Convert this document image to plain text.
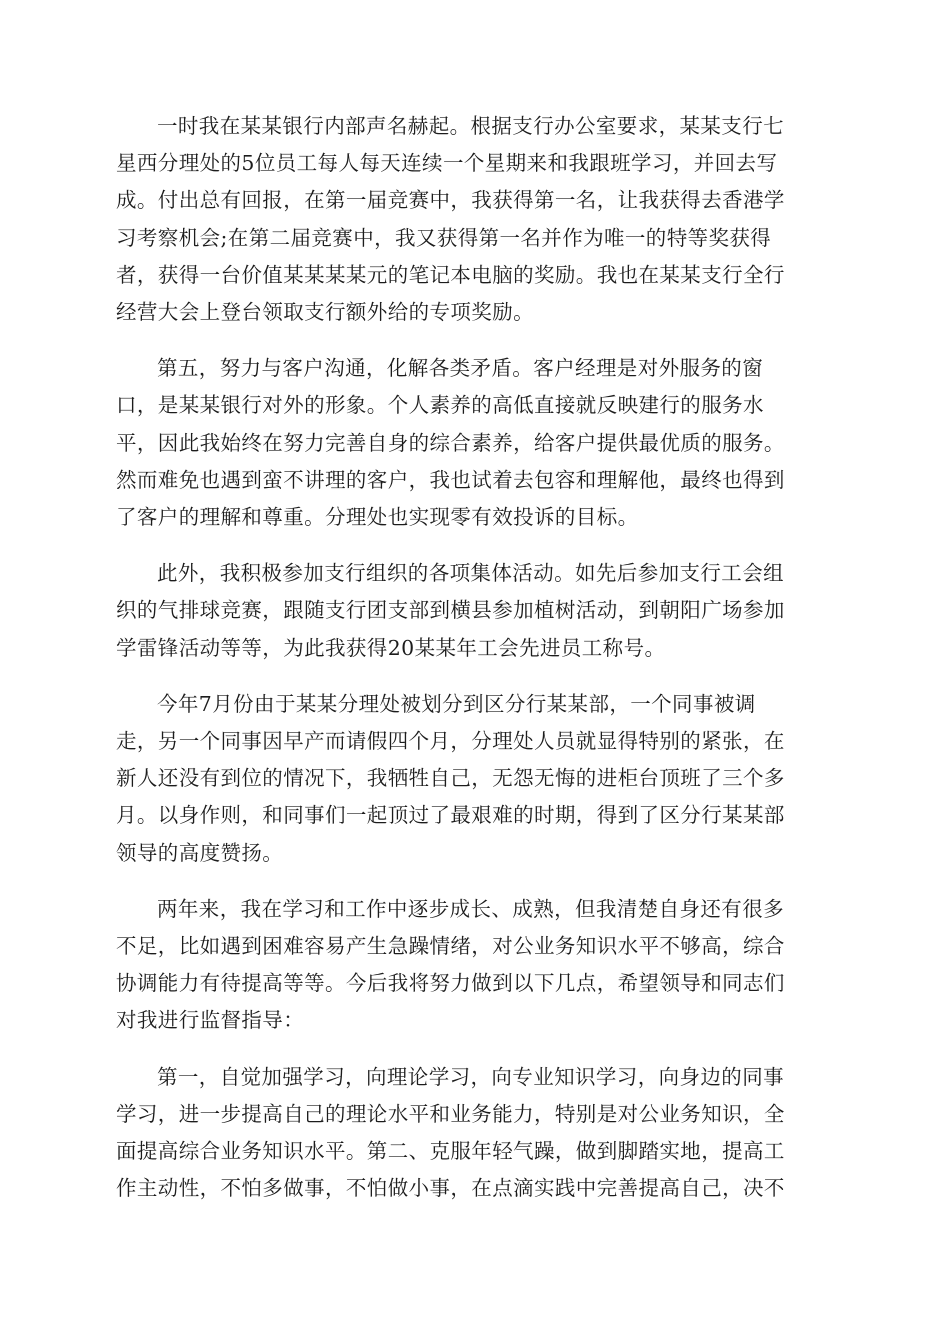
一时我在某某银行内部声名赫起。根据支行办公室要求，某某支行七
星西分理处的5位员工每人每天连续一个星期来和我跟班学习，并回去写
成。付出总有回报，在第一届竞赛中，我获得第一名，让我获得去香港学
习考察机会;在第二届竞赛中，我又获得第一名并作为唯一的特等奖获得
者，获得一台价值某某某某元的笔记本电脑的奖励。我也在某某支行全行
经营大会上登台领取支行额外给的专项奖励。

第五，努力与客户沟通，化解各类矛盾。客户经理是对外服务的窗
口，是某某银行对外的形象。个人素养的高低直接就反映建行的服务水
平，因此我始终在努力完善自身的综合素养，给客户提供最优质的服务。
然而难免也遇到蛮不讲理的客户，我也试着去包容和理解他，最终也得到
了客户的理解和尊重。分理处也实现零有效投诉的目标。

此外，我积极参加支行组织的各项集体活动。如先后参加支行工会组
织的气排球竞赛，跟随支行团支部到横县参加植树活动，到朝阳广场参加
学雷锋活动等等，为此我获得20某某年工会先进员工称号。

今年7月份由于某某分理处被划分到区分行某某部，一个同事被调
走，另一个同事因早产而请假四个月，分理处人员就显得特别的紧张，在
新人还没有到位的情况下，我牺牲自己，无怨无悔的进柜台顶班了三个多
月。以身作则，和同事们一起顶过了最艰难的时期，得到了区分行某某部
领导的高度赞扬。

两年来，我在学习和工作中逐步成长、成熟，但我清楚自身还有很多
不足，比如遇到困难容易产生急躁情绪，对公业务知识水平不够高，综合
协调能力有待提高等等。今后我将努力做到以下几点，希望领导和同志们
对我进行监督指导：

第一，自觉加强学习，向理论学习，向专业知识学习，向身边的同事
学习，进一步提高自己的理论水平和业务能力，特别是对公业务知识，全
面提高综合业务知识水平。第二、克服年轻气躁，做到脚踏实地，提高工
作主动性，不怕多做事，不怕做小事，在点滴实践中完善提高自己，决不
